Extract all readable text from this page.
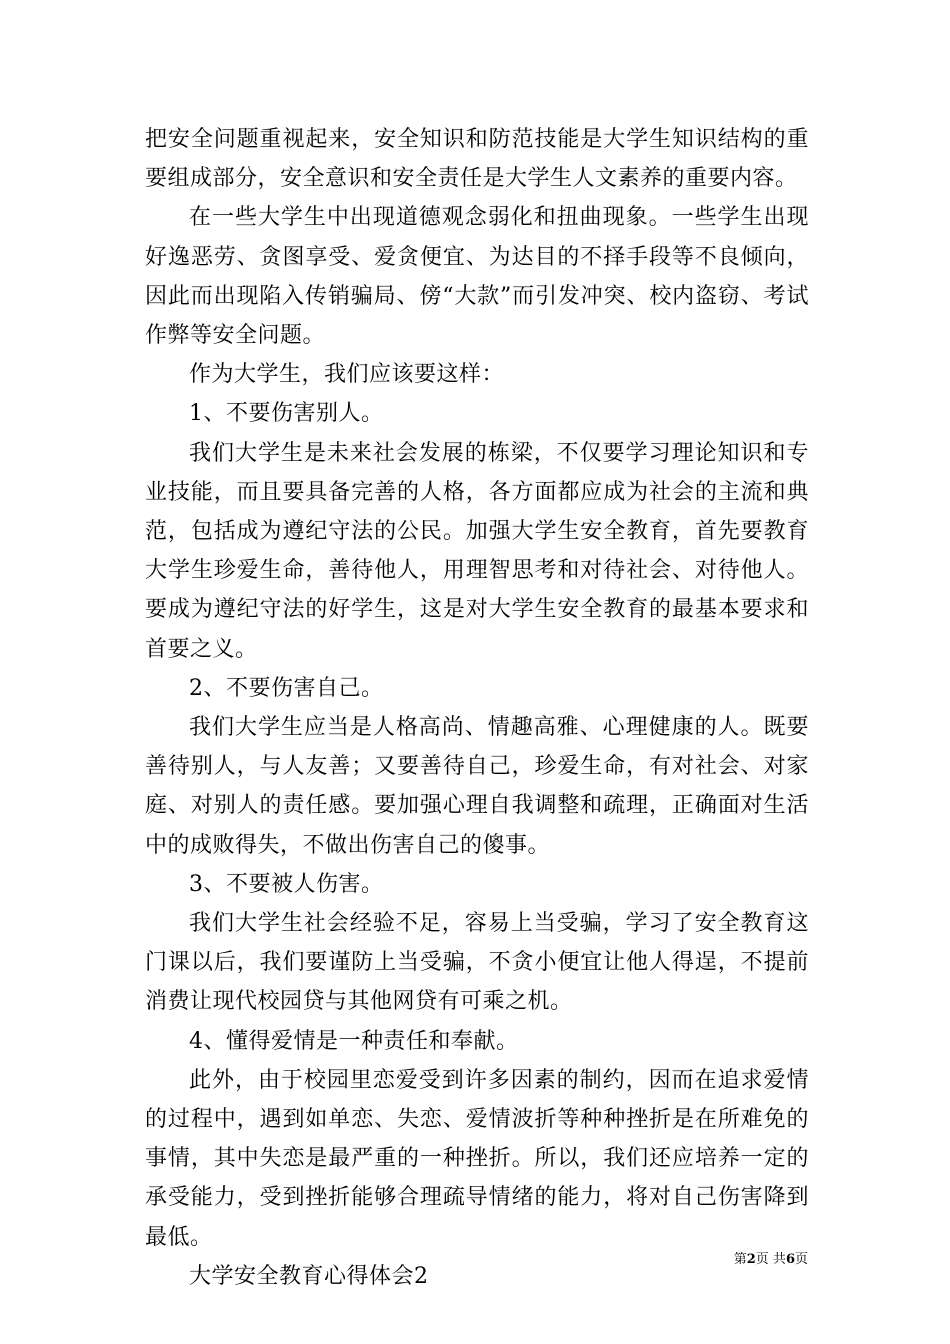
把安全问题重视起来，安全知识和防范技能是大学生知识结构的重要组成部分，安全意识和安全责任是大学生人文素养的重要内容。

在一些大学生中出现道德观念弱化和扭曲现象。一些学生出现好逸恶劳、贪图享受、爱贪便宜、为达目的不择手段等不良倾向，因此而出现陷入传销骗局、傍“大款”而引发冲突、校内盗窃、考试作弊等安全问题。

作为大学生，我们应该要这样：

1、不要伤害别人。

我们大学生是未来社会发展的栋梁，不仅要学习理论知识和专业技能，而且要具备完善的人格，各方面都应成为社会的主流和典范，包括成为遵纪守法的公民。加强大学生安全教育，首先要教育大学生珍爱生命，善待他人，用理智思考和对待社会、对待他人。要成为遵纪守法的好学生，这是对大学生安全教育的最基本要求和首要之义。

2、不要伤害自己。

我们大学生应当是人格高尚、情趣高雅、心理健康的人。既要善待别人，与人友善；又要善待自己，珍爱生命，有对社会、对家庭、对别人的责任感。要加强心理自我调整和疏理，正确面对生活中的成败得失，不做出伤害自己的傻事。

3、不要被人伤害。

我们大学生社会经验不足，容易上当受骗，学习了安全教育这门课以后，我们要谨防上当受骗，不贪小便宜让他人得逞，不提前消费让现代校园贷与其他网贷有可乘之机。

4、懂得爱情是一种责任和奉献。

此外，由于校园里恋爱受到许多因素的制约，因而在追求爱情的过程中，遇到如单恋、失恋、爱情波折等种种挫折是在所难免的事情，其中失恋是最严重的一种挫折。所以，我们还应培养一定的承受能力，受到挫折能够合理疏导情绪的能力，将对自己伤害降到最低。

大学安全教育心得体会2

第2页 共6页
